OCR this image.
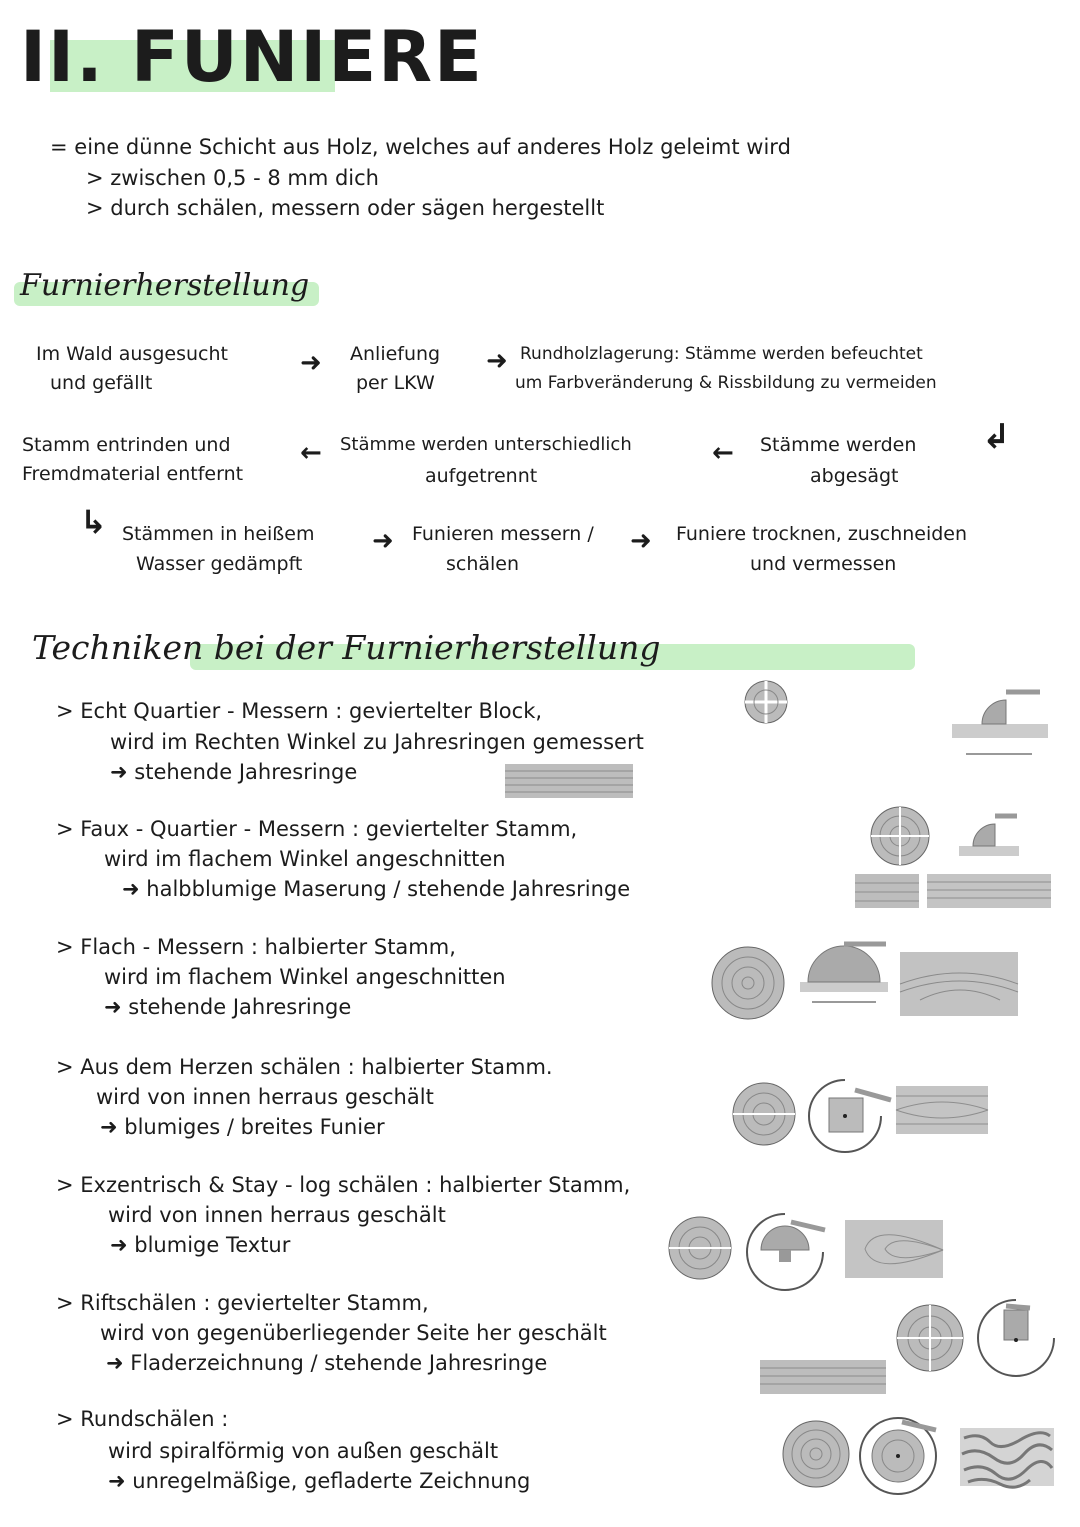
II. FUNIERE
= eine dünne Schicht aus Holz, welches auf anderes Holz geleimt wird
> zwischen 0,5 - 8 mm dich
> durch schälen, messern oder sägen hergestellt
Furnierherstellung
Im Wald ausgesucht
und gefällt
➜ Anliefung
per LKW
➜ Rundholzlagerung: Stämme werden befeuchtet
um Farbveränderung & Rissbildung zu vermeiden
↲
Stämme werden
abgesägt
←
Stämme werden unterschiedlich
aufgetrennt
←
Stamm entrinden und
Fremdmaterial entfernt
↳ Stämmen in heißem
Wasser gedämpft
➜ Funieren messern /
schälen
➜ Funiere trocknen, zuschneiden
und vermessen
Techniken bei der Furnierherstellung
> Echt Quartier - Messern : geviertelter Block,
wird im Rechten Winkel zu Jahresringen gemessert
➜ stehende Jahresringe
> Faux - Quartier - Messern : geviertelter Stamm,
wird im flachem Winkel angeschnitten
➜ halbblumige Maserung / stehende Jahresringe
> Flach - Messern : halbierter Stamm,
wird im flachem Winkel angeschnitten
➜ stehende Jahresringe
> Aus dem Herzen schälen : halbierter Stamm.
wird von innen herraus geschält
➜ blumiges / breites Funier
> Exzentrisch & Stay - log schälen : halbierter Stamm,
wird von innen herraus geschält
➜ blumige Textur
> Riftschälen : geviertelter Stamm,
wird von gegenüberliegender Seite her geschält
➜ Fladerzeichnung / stehende Jahresringe
> Rundschälen :
wird spiralförmig von außen geschält
➜ unregelmäßige, gefladerte Zeichnung
